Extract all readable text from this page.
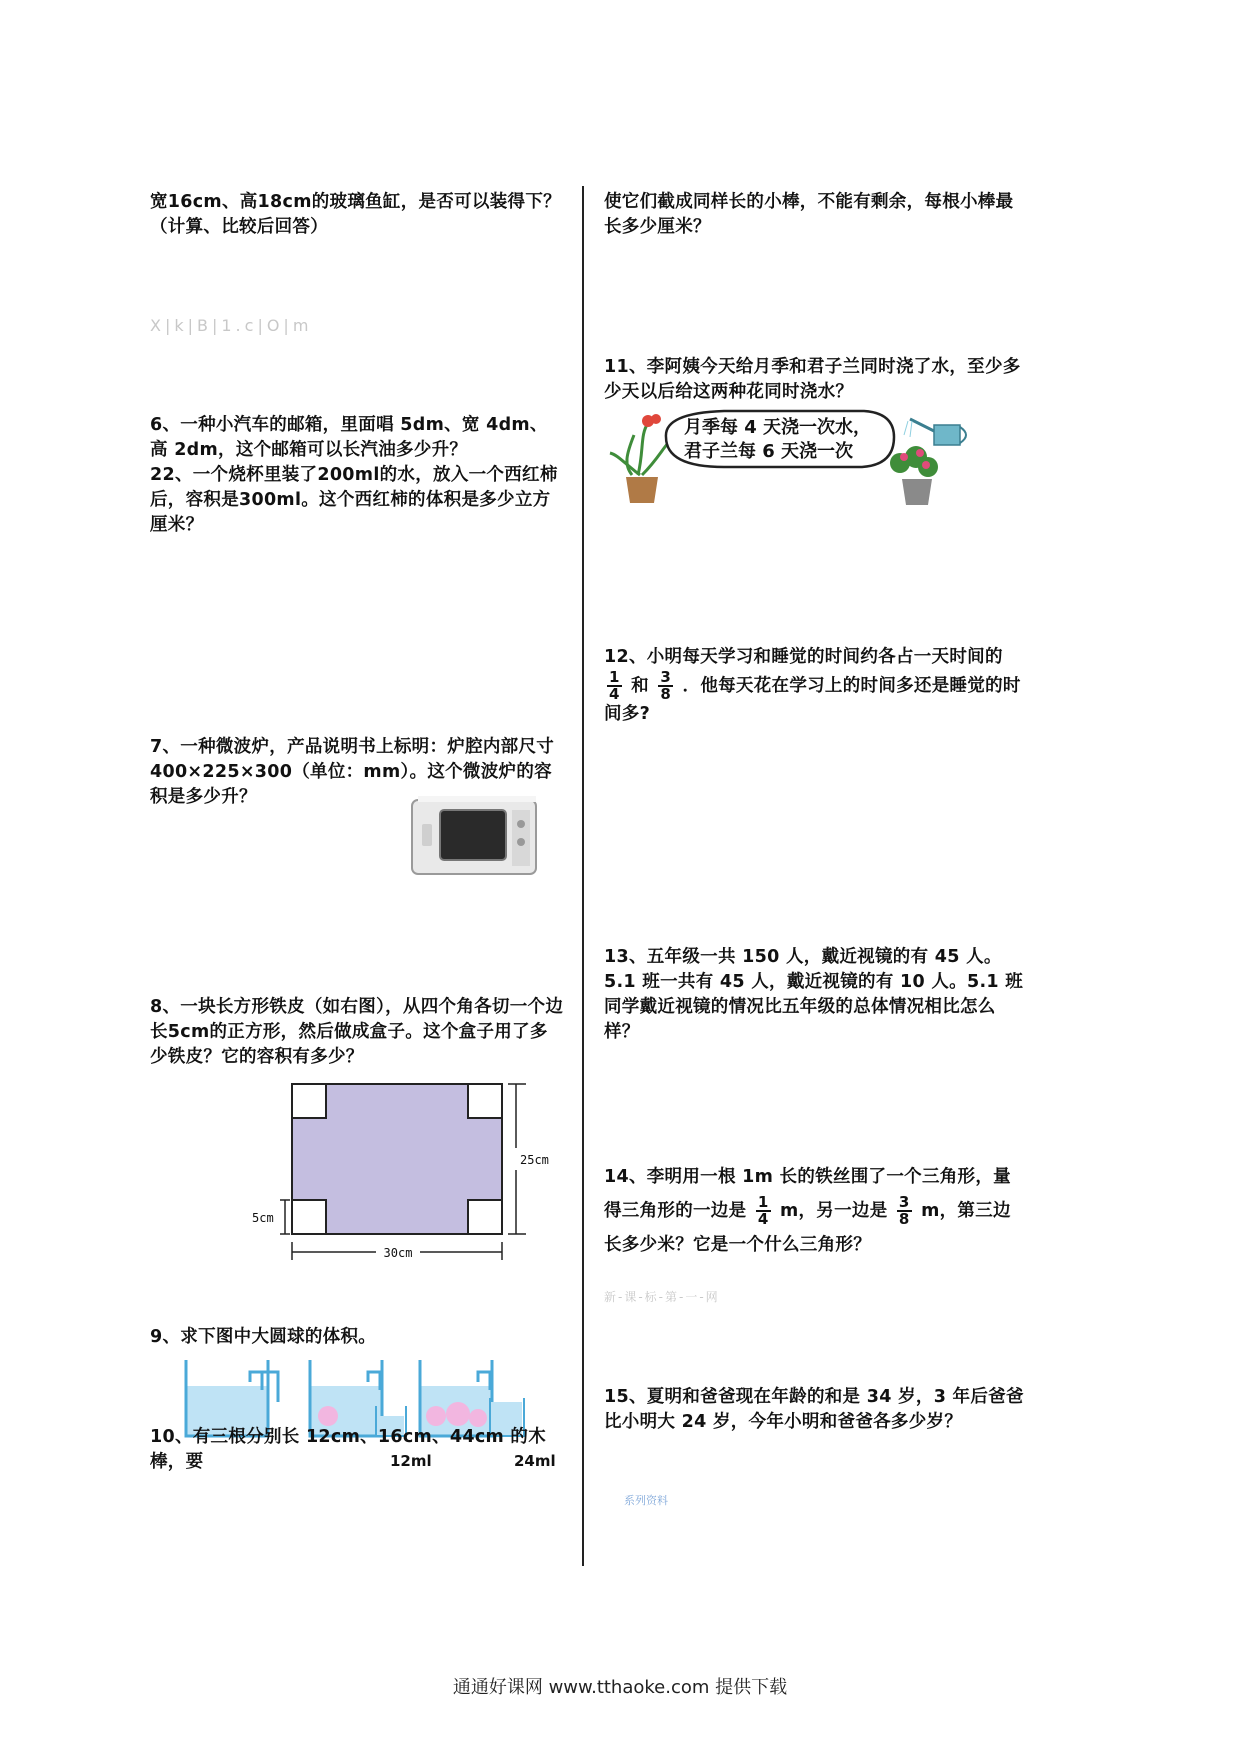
宽16cm、高18cm的玻璃鱼缸，是否可以装得下？
（计算、比较后回答）
X|k|B|1.c|O|m
6、一种小汽车的邮箱，里面唱 5dm、宽 4dm、高 2dm，这个邮箱可以长汽油多少升？
22、一个烧杯里装了200ml的水，放入一个西红柿后，容积是300ml。这个西红柿的体积是多少立方厘米？
7、一种微波炉，产品说明书上标明：炉腔内部尺寸 400×225×300（单位：mm）。这个微波炉的容积是多少升？
8、一块长方形铁皮（如右图），从四个角各切一个边长5cm的正方形，然后做成盒子。这个盒子用了多少铁皮？它的容积有多少？
30cm
25cm
5cm
9、求下图中大圆球的体积。
10、有三根分别长 12cm、16cm、44cm 的木棒，要	12ml	24ml
使它们截成同样长的小棒，不能有剩余，每根小棒最长多少厘米？
11、李阿姨今天给月季和君子兰同时浇了水，至少多少天以后给这两种花同时浇水？
月季每 4 天浇一次水，
君子兰每 6 天浇一次
12、小明每天学习和睡觉的时间约各占一天时间的
$\frac{1}{4}$ 和 $\frac{3}{8}$ ．他每天花在学习上的时间多还是睡觉的时间多?
13、五年级一共 150 人，戴近视镜的有 45 人。5.1 班一共有 45 人，戴近视镜的有 10 人。5.1 班同学戴近视镜的情况比五年级的总体情况相比怎么样？
14、李明用一根 1m 长的铁丝围了一个三角形，量得三角形的一边是 $\frac{1}{4}$ m，另一边是 $\frac{3}{8}$ m，第三边长多少米？它是一个什么三角形？
新-课-标-第-一-网
15、夏明和爸爸现在年龄的和是 34 岁，3 年后爸爸比小明大 24 岁，今年小明和爸爸各多少岁？
系列资料
通通好课网 www.tthaoke.com 提供下载
